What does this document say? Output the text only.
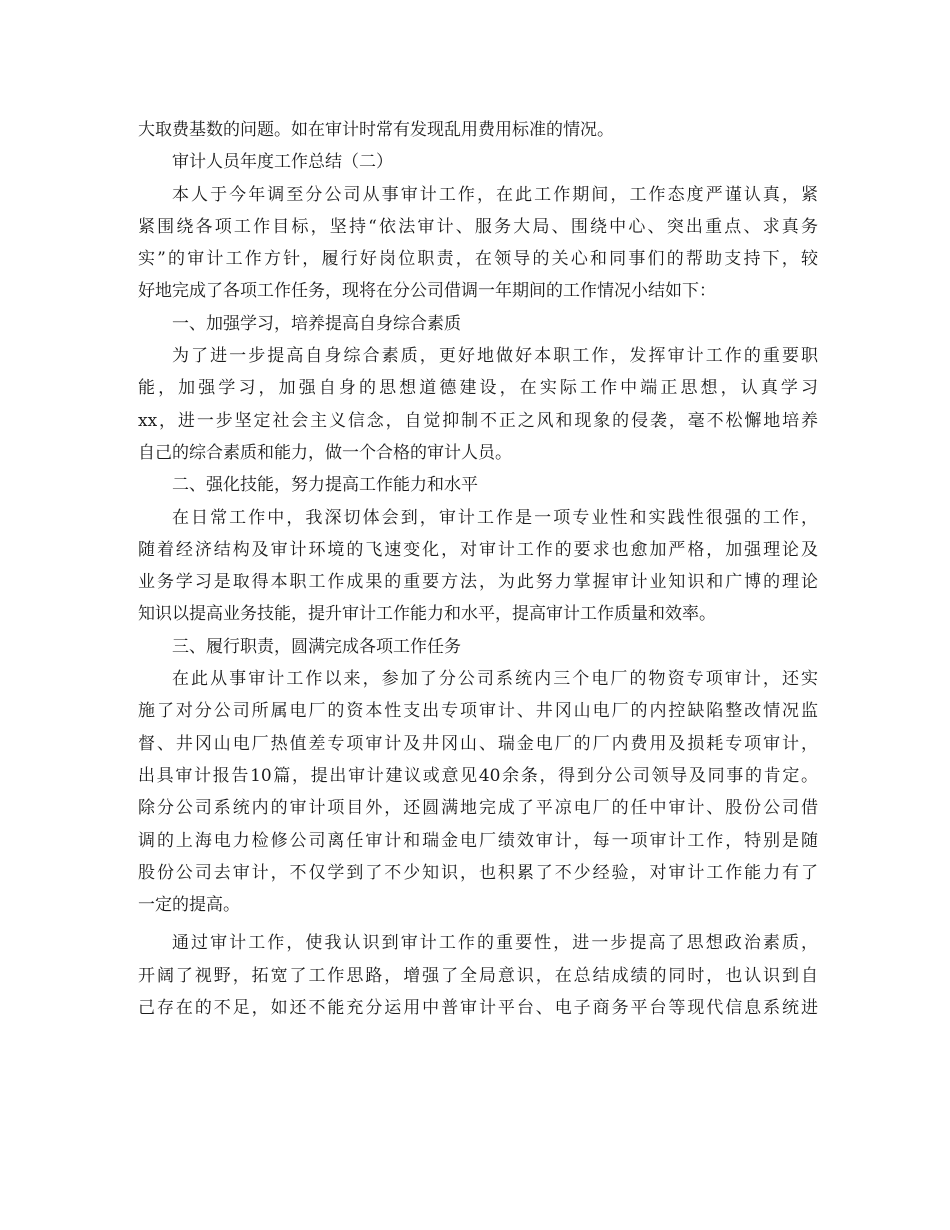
大取费基数的问题。如在审计时常有发现乱用费用标准的情况。
审计人员年度工作总结（二）
本人于今年调至分公司从事审计工作，在此工作期间，工作态度严谨认真，紧
紧围绕各项工作目标，坚持“依法审计、服务大局、围绕中心、突出重点、求真务
实”的审计工作方针，履行好岗位职责，在领导的关心和同事们的帮助支持下，较
好地完成了各项工作任务，现将在分公司借调一年期间的工作情况小结如下：
一、加强学习，培养提高自身综合素质
为了进一步提高自身综合素质，更好地做好本职工作，发挥审计工作的重要职
能，加强学习，加强自身的思想道德建设，在实际工作中端正思想，认真学习
xx，进一步坚定社会主义信念，自觉抑制不正之风和现象的侵袭，毫不松懈地培养
自己的综合素质和能力，做一个合格的审计人员。
二、强化技能，努力提高工作能力和水平
在日常工作中，我深切体会到，审计工作是一项专业性和实践性很强的工作，
随着经济结构及审计环境的飞速变化，对审计工作的要求也愈加严格，加强理论及
业务学习是取得本职工作成果的重要方法，为此努力掌握审计业知识和广博的理论
知识以提高业务技能，提升审计工作能力和水平，提高审计工作质量和效率。
三、履行职责，圆满完成各项工作任务
在此从事审计工作以来，参加了分公司系统内三个电厂的物资专项审计，还实
施了对分公司所属电厂的资本性支出专项审计、井冈山电厂的内控缺陷整改情况监
督、井冈山电厂热值差专项审计及井冈山、瑞金电厂的厂内费用及损耗专项审计，
出具审计报告10篇，提出审计建议或意见40余条，得到分公司领导及同事的肯定。
除分公司系统内的审计项目外，还圆满地完成了平凉电厂的任中审计、股份公司借
调的上海电力检修公司离任审计和瑞金电厂绩效审计，每一项审计工作，特别是随
股份公司去审计，不仅学到了不少知识，也积累了不少经验，对审计工作能力有了
一定的提高。
通过审计工作，使我认识到审计工作的重要性，进一步提高了思想政治素质，
开阔了视野，拓宽了工作思路，增强了全局意识，在总结成绩的同时，也认识到自
己存在的不足，如还不能充分运用中普审计平台、电子商务平台等现代信息系统进
